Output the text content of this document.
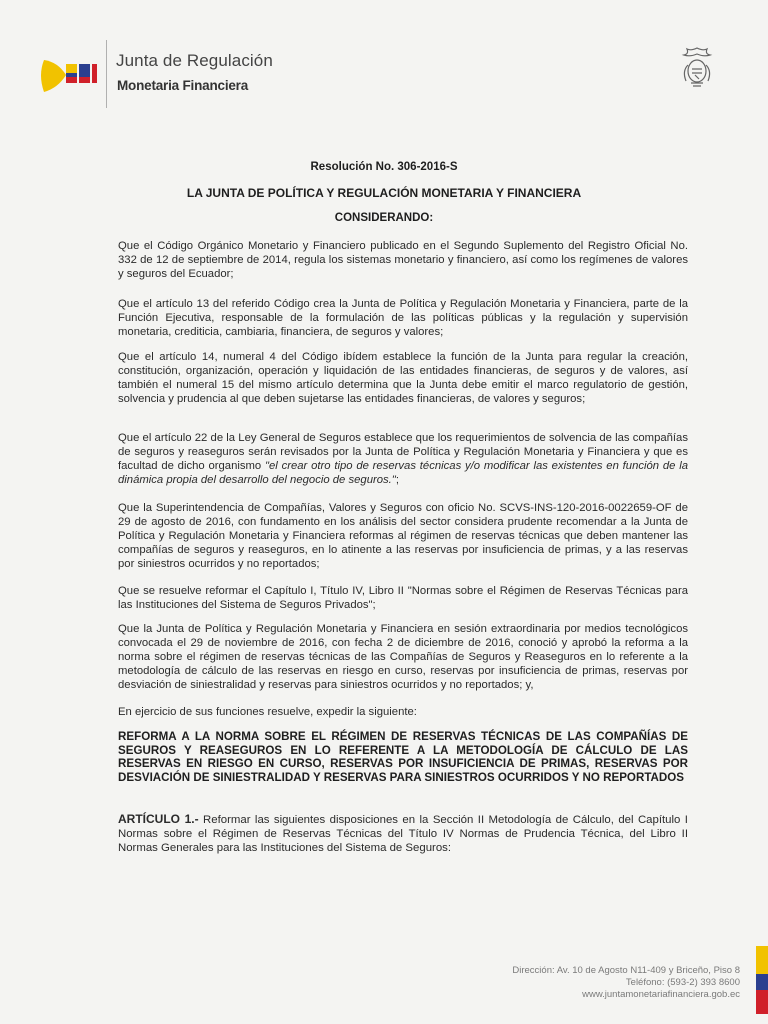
Junta de Regulación
Monetaria Financiera
Resolución No. 306-2016-S
LA JUNTA DE POLÍTICA Y REGULACIÓN MONETARIA Y FINANCIERA
CONSIDERANDO:
Que el Código Orgánico Monetario y Financiero publicado en el Segundo Suplemento del Registro Oficial No. 332 de 12 de septiembre de 2014, regula los sistemas monetario y financiero, así como los regímenes de valores y seguros del Ecuador;
Que el artículo 13 del referido Código crea la Junta de Política y Regulación Monetaria y Financiera, parte de la Función Ejecutiva, responsable de la formulación de las políticas públicas y la regulación y supervisión monetaria, crediticia, cambiaria, financiera, de seguros y valores;
Que el artículo 14, numeral 4 del Código ibídem establece la función de la Junta para regular la creación, constitución, organización, operación y liquidación de las entidades financieras, de seguros y de valores, así también el numeral 15 del mismo artículo determina que la Junta debe emitir el marco regulatorio de gestión, solvencia y prudencia al que deben sujetarse las entidades financieras, de valores y seguros;
Que el artículo 22 de la Ley General de Seguros establece que los requerimientos de solvencia de las compañías de seguros y reaseguros serán revisados por la Junta de Política y Regulación Monetaria y Financiera y que es facultad de dicho organismo "el crear otro tipo de reservas técnicas y/o modificar las existentes en función de la dinámica propia del desarrollo del negocio de seguros.";
Que la Superintendencia de Compañías, Valores y Seguros con oficio No. SCVS-INS-120-2016-0022659-OF de 29 de agosto de 2016, con fundamento en los análisis del sector considera prudente recomendar a la Junta de Política y Regulación Monetaria y Financiera reformas al régimen de reservas técnicas que deben mantener las compañías de seguros y reaseguros, en lo atinente a las reservas por insuficiencia de primas, y a las reservas por siniestros ocurridos y no reportados;
Que se resuelve reformar el Capítulo I, Título IV, Libro II "Normas sobre el Régimen de Reservas Técnicas para las Instituciones del Sistema de Seguros Privados";
Que la Junta de Política y Regulación Monetaria y Financiera en sesión extraordinaria por medios tecnológicos convocada el 29 de noviembre de 2016, con fecha 2 de diciembre de 2016, conoció y aprobó la reforma a la norma sobre el régimen de reservas técnicas de las Compañías de Seguros y Reaseguros en lo referente a la metodología de cálculo de las reservas en riesgo en curso, reservas por insuficiencia de primas, reservas por desviación de siniestralidad y reservas para siniestros ocurridos y no reportados; y,
En ejercicio de sus funciones resuelve, expedir la siguiente:
REFORMA A LA NORMA SOBRE EL RÉGIMEN DE RESERVAS TÉCNICAS DE LAS COMPAÑÍAS DE SEGUROS Y REASEGUROS EN LO REFERENTE A LA METODOLOGÍA DE CÁLCULO DE LAS RESERVAS EN RIESGO EN CURSO, RESERVAS POR INSUFICIENCIA DE PRIMAS, RESERVAS POR DESVIACIÓN DE SINIESTRALIDAD Y RESERVAS PARA SINIESTROS OCURRIDOS Y NO REPORTADOS
ARTÍCULO 1.- Reformar las siguientes disposiciones en la Sección II Metodología de Cálculo, del Capítulo I Normas sobre el Régimen de Reservas Técnicas del Título IV Normas de Prudencia Técnica, del Libro II Normas Generales para las Instituciones del Sistema de Seguros:
Dirección: Av. 10 de Agosto N11-409 y Briceño, Piso 8
Teléfono: (593-2) 393 8600
www.juntamonetariafinanciera.gob.ec
